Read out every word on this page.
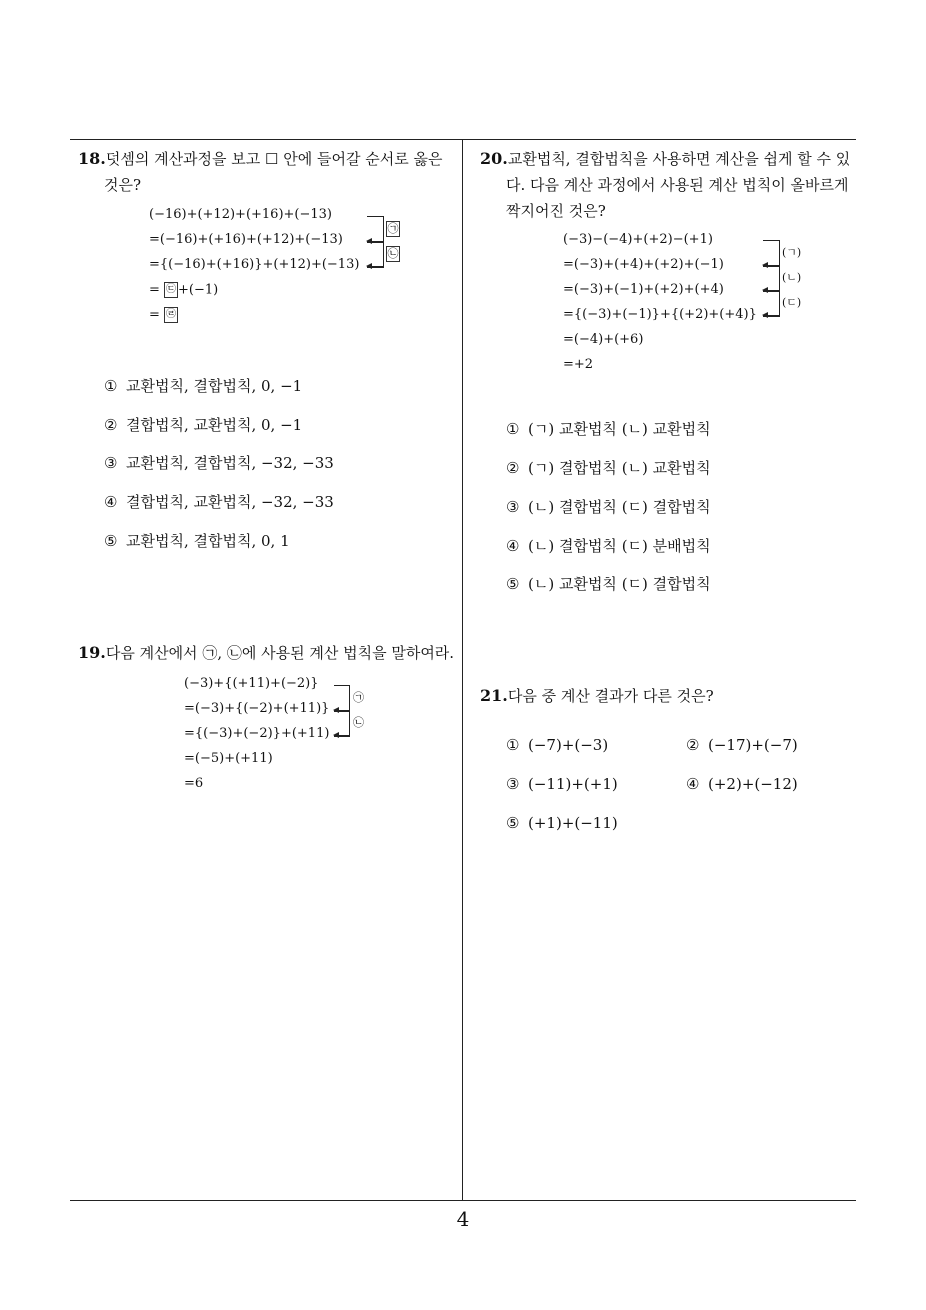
18.덧셈의 계산과정을 보고 ☐ 안에 들어갈 순서로 옳은
것은?
(−16)+(+12)+(+16)+(−13)
=(−16)+(+16)+(+12)+(−13)
={(−16)+(+16)}+(+12)+(−13)
= ㉢ +(−1)
= ㉣
㉠
㉡
① 교환법칙, 결합법칙, 0, −1
② 결합법칙, 교환법칙, 0, −1
③ 교환법칙, 결합법칙, −32, −33
④ 결합법칙, 교환법칙, −32, −33
⑤ 교환법칙, 결합법칙, 0, 1
19.다음 계산에서 ㉠, ㉡에 사용된 계산 법칙을 말하여라.
(−3)+{(+11)+(−2)}
=(−3)+{(−2)+(+11)}
={(−3)+(−2)}+(+11)
=(−5)+(+11)
=6
㉠
㉡
20.교환법칙, 결합법칙을 사용하면 계산을 쉽게 할 수 있
다. 다음 계산 과정에서 사용된 계산 법칙이 올바르게
짝지어진 것은?
(−3)−(−4)+(+2)−(+1)
=(−3)+(+4)+(+2)+(−1)
=(−3)+(−1)+(+2)+(+4)
={(−3)+(−1)}+{(+2)+(+4)}
=(−4)+(+6)
=+2
(ㄱ)
(ㄴ)
(ㄷ)
① (ㄱ) 교환법칙 (ㄴ) 교환법칙
② (ㄱ) 결합법칙 (ㄴ) 교환법칙
③ (ㄴ) 결합법칙 (ㄷ) 결합법칙
④ (ㄴ) 결합법칙 (ㄷ) 분배법칙
⑤ (ㄴ) 교환법칙 (ㄷ) 결합법칙
21.다음 중 계산 결과가 다른 것은?
① (−7)+(−3)	② (−17)+(−7)
③ (−11)+(+1)	④ (+2)+(−12)
⑤ (+1)+(−11)
4
